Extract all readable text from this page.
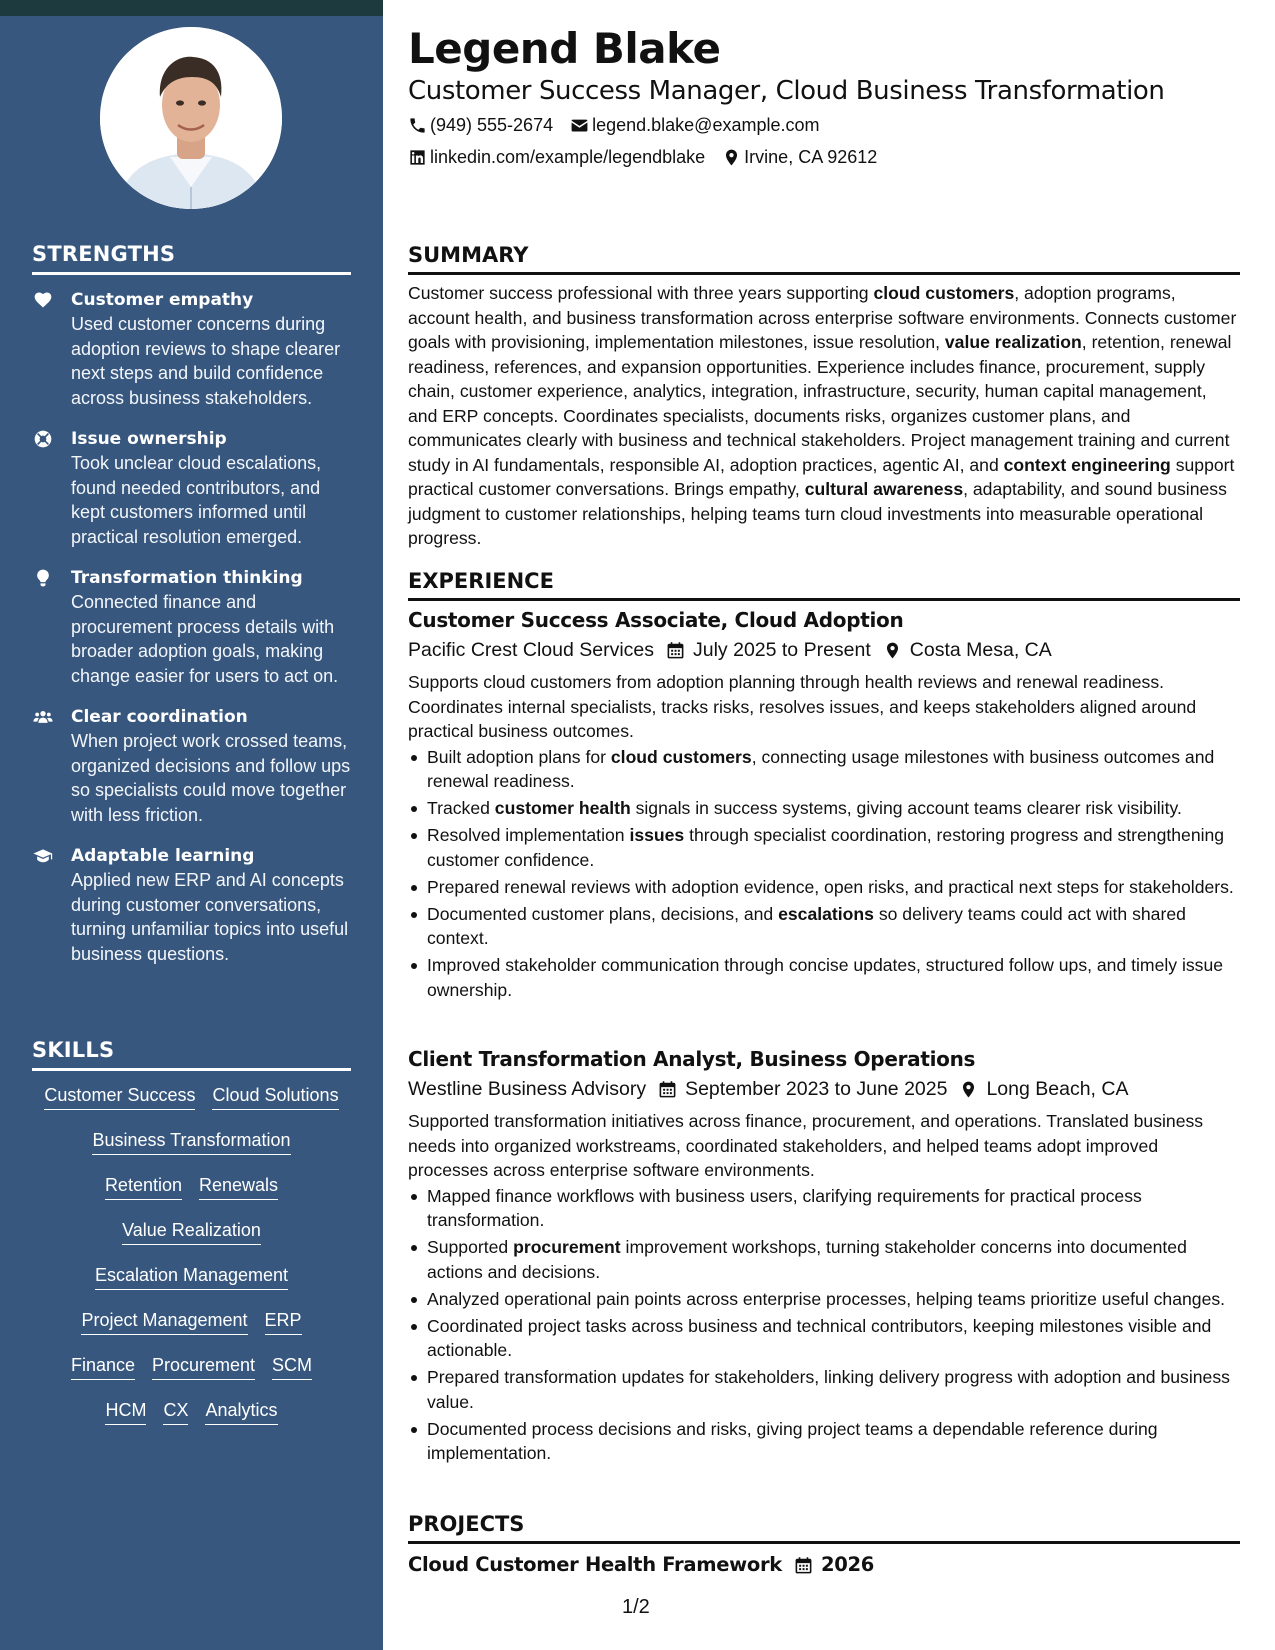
STRENGTHS
Customer empathy
Used customer concerns during adoption reviews to shape clearer next steps and build confidence across business stakeholders.
Issue ownership
Took unclear cloud escalations, found needed contributors, and kept customers informed until practical resolution emerged.
Transformation thinking
Connected finance and procurement process details with broader adoption goals, making change easier for users to act on.
Clear coordination
When project work crossed teams, organized decisions and follow ups so specialists could move together with less friction.
Adaptable learning
Applied new ERP and AI concepts during customer conversations, turning unfamiliar topics into useful business questions.
SKILLS
Customer Success Cloud Solutions
Business Transformation
Retention Renewals
Value Realization
Escalation Management
Project Management ERP
Finance Procurement SCM
HCM CX Analytics
Legend Blake
Customer Success Manager, Cloud Business Transformation
(949) 555-2674 legend.blake@example.com
linkedin.com/example/legendblake Irvine, CA 92612
SUMMARY

Customer success professional with three years supporting cloud customers, adoption programs, account health, and business transformation across enterprise software environments. Connects customer goals with provisioning, implementation milestones, issue resolution, value realization, retention, renewal readiness, references, and expansion opportunities. Experience includes finance, procurement, supply chain, customer experience, analytics, integration, infrastructure, security, human capital management, and ERP concepts. Coordinates specialists, documents risks, organizes customer plans, and communicates clearly with business and technical stakeholders. Project management training and current study in AI fundamentals, responsible AI, adoption practices, agentic AI, and context engineering support practical customer conversations. Brings empathy, cultural awareness, adaptability, and sound business judgment to customer relationships, helping teams turn cloud investments into measurable operational progress.

EXPERIENCE
Customer Success Associate, Cloud Adoption
Pacific Crest Cloud Services July 2025 to Present Costa Mesa, CA

Supports cloud customers from adoption planning through health reviews and renewal readiness. Coordinates internal specialists, tracks risks, resolves issues, and keeps stakeholders aligned around practical business outcomes.

Built adoption plans for cloud customers, connecting usage milestones with business outcomes and renewal readiness.
Tracked customer health signals in success systems, giving account teams clearer risk visibility.
Resolved implementation issues through specialist coordination, restoring progress and strengthening customer confidence.
Prepared renewal reviews with adoption evidence, open risks, and practical next steps for stakeholders.
Documented customer plans, decisions, and escalations so delivery teams could act with shared context.
Improved stakeholder communication through concise updates, structured follow ups, and timely issue ownership.
Client Transformation Analyst, Business Operations
Westline Business Advisory September 2023 to June 2025 Long Beach, CA

Supported transformation initiatives across finance, procurement, and operations. Translated business needs into organized workstreams, coordinated stakeholders, and helped teams adopt improved processes across enterprise software environments.

Mapped finance workflows with business users, clarifying requirements for practical process transformation.
Supported procurement improvement workshops, turning stakeholder concerns into documented actions and decisions.
Analyzed operational pain points across enterprise processes, helping teams prioritize useful changes.
Coordinated project tasks across business and technical contributors, keeping milestones visible and actionable.
Prepared transformation updates for stakeholders, linking delivery progress with adoption and business value.
Documented process decisions and risks, giving project teams a dependable reference during implementation.
PROJECTS
Cloud Customer Health Framework 2026
1/2
